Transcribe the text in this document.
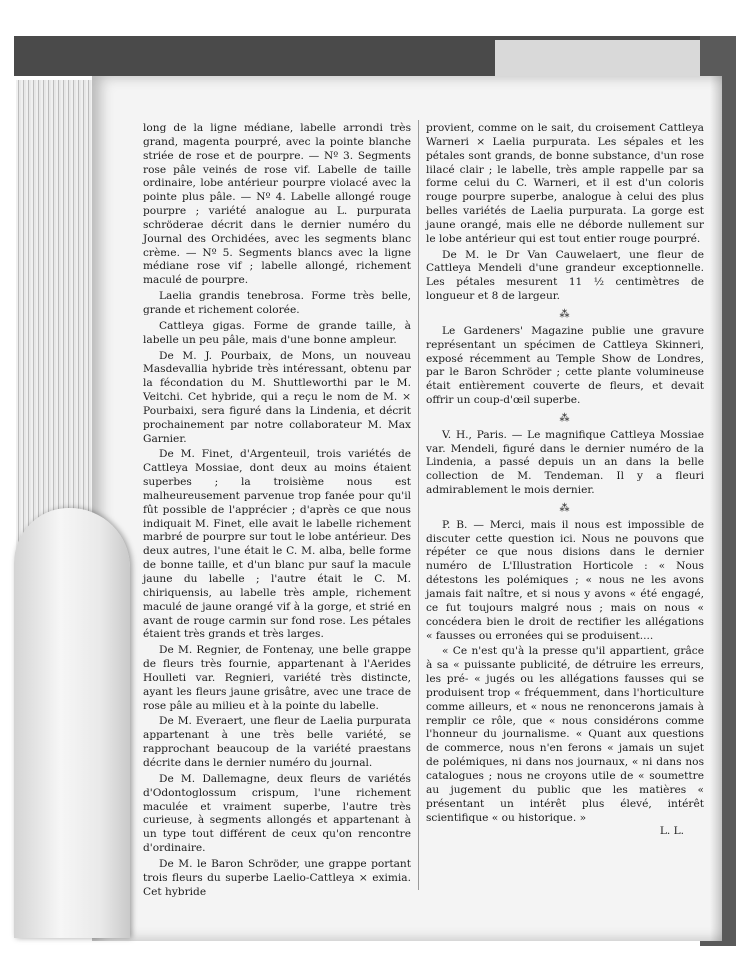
long de la ligne médiane, labelle arrondi très grand, magenta pourpré, avec la pointe blanche striée de rose et de pourpre. — Nº 3. Segments rose pâle veinés de rose vif. Labelle de taille ordinaire, lobe antérieur pourpre violacé avec la pointe plus pâle. — Nº 4. Labelle allongé rouge pourpre ; variété analogue au L. purpurata schröderae décrit dans le dernier numéro du Journal des Orchidées, avec les segments blanc crème. — Nº 5. Segments blancs avec la ligne médiane rose vif ; labelle allongé, richement maculé de pourpre.

Laelia grandis tenebrosa. Forme très belle, grande et richement colorée.

Cattleya gigas. Forme de grande taille, à labelle un peu pâle, mais d'une bonne ampleur.

De M. J. Pourbaix, de Mons, un nouveau Masdevallia hybride très intéressant, obtenu par la fécondation du M. Shuttleworthi par le M. Veitchi. Cet hybride, qui a reçu le nom de M. × Pourbaixi, sera figuré dans la Lindenia, et décrit prochainement par notre collaborateur M. Max Garnier.

De M. Finet, d'Argenteuil, trois variétés de Cattleya Mossiae, dont deux au moins étaient superbes ; la troisième nous est malheureusement parvenue trop fanée pour qu'il fût possible de l'apprécier ; d'après ce que nous indiquait M. Finet, elle avait le labelle richement marbré de pourpre sur tout le lobe antérieur. Des deux autres, l'une était le C. M. alba, belle forme de bonne taille, et d'un blanc pur sauf la macule jaune du labelle ; l'autre était le C. M. chiriquensis, au labelle très ample, richement maculé de jaune orangé vif à la gorge, et strié en avant de rouge carmin sur fond rose. Les pétales étaient très grands et très larges.

De M. Regnier, de Fontenay, une belle grappe de fleurs très fournie, appartenant à l'Aerides Houlleti var. Regnieri, variété très distincte, ayant les fleurs jaune grisâtre, avec une trace de rose pâle au milieu et à la pointe du labelle.

De M. Everaert, une fleur de Laelia purpurata appartenant à une très belle variété, se rapprochant beaucoup de la variété praestans décrite dans le dernier numéro du journal.

De M. Dallemagne, deux fleurs de variétés d'Odontoglossum crispum, l'une richement maculée et vraiment superbe, l'autre très curieuse, à segments allongés et appartenant à un type tout différent de ceux qu'on rencontre d'ordinaire.

De M. le Baron Schröder, une grappe portant trois fleurs du superbe Laelio-Cattleya × eximia. Cet hybride

provient, comme on le sait, du croisement Cattleya Warneri × Laelia purpurata. Les sépales et les pétales sont grands, de bonne substance, d'un rose lilacé clair ; le labelle, très ample rappelle par sa forme celui du C. Warneri, et il est d'un coloris rouge pourpre superbe, analogue à celui des plus belles variétés de Laelia purpurata. La gorge est jaune orangé, mais elle ne déborde nullement sur le lobe antérieur qui est tout entier rouge pourpré.

De M. le Dr Van Cauwelaert, une fleur de Cattleya Mendeli d'une grandeur exceptionnelle. Les pétales mesurent 11 ½ centimètres de longueur et 8 de largeur.

⁂

Le Gardeners' Magazine publie une gravure représentant un spécimen de Cattleya Skinneri, exposé récemment au Temple Show de Londres, par le Baron Schröder ; cette plante volumineuse était entièrement couverte de fleurs, et devait offrir un coup-d'œil superbe.

⁂

V. H., Paris. — Le magnifique Cattleya Mossiae var. Mendeli, figuré dans le dernier numéro de la Lindenia, a passé depuis un an dans la belle collection de M. Tendeman. Il y a fleuri admirablement le mois dernier.

⁂

P. B. — Merci, mais il nous est impossible de discuter cette question ici. Nous ne pouvons que répéter ce que nous disions dans le dernier numéro de L'Illustration Horticole : « Nous détestons les polémiques ; « nous ne les avons jamais fait naître, et si nous y avons « été engagé, ce fut toujours malgré nous ; mais on nous « concédera bien le droit de rectifier les allégations « fausses ou erronées qui se produisent....

« Ce n'est qu'à la presse qu'il appartient, grâce à sa « puissante publicité, de détruire les erreurs, les pré- « jugés ou les allégations fausses qui se produisent trop « fréquemment, dans l'horticulture comme ailleurs, et « nous ne renoncerons jamais à remplir ce rôle, que « nous considérons comme l'honneur du journalisme. « Quant aux questions de commerce, nous n'en ferons « jamais un sujet de polémiques, ni dans nos journaux, « ni dans nos catalogues ; nous ne croyons utile de « soumettre au jugement du public que les matières « présentant un intérêt plus élevé, intérêt scientifique « ou historique. »

L. L.
